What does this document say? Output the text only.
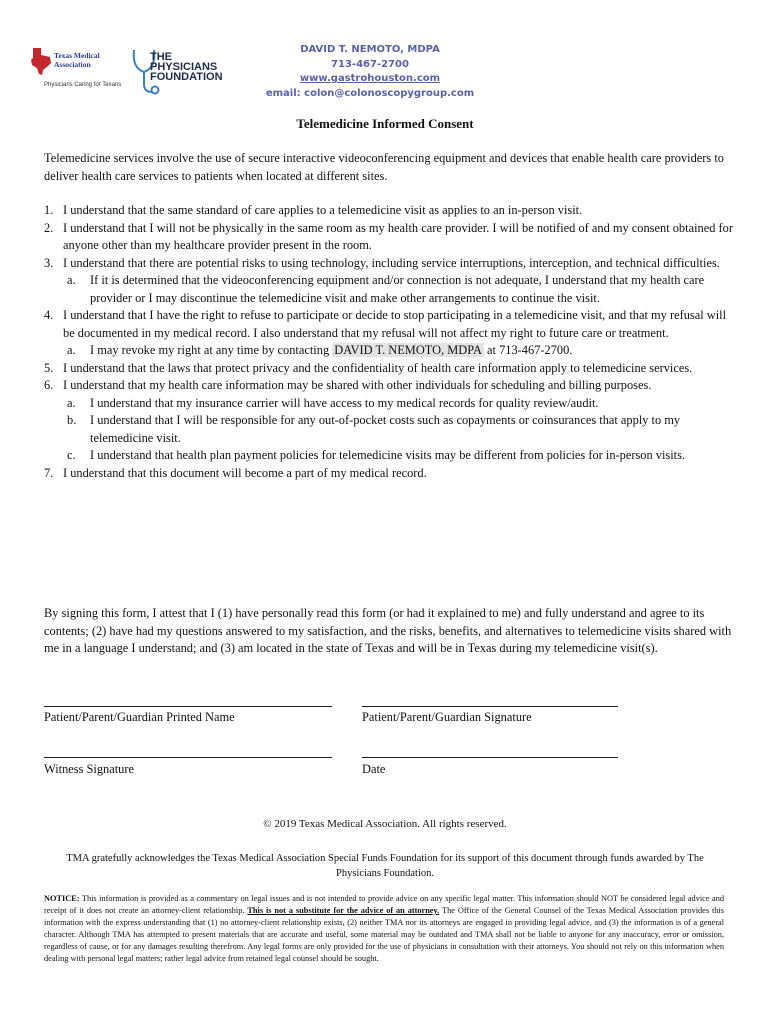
Texas Medical
Association
Physicians Caring for Texans
THE
PHYSICIANS
FOUNDATION
DAVID T. NEMOTO, MDPA
713-467-2700
www.gastrohouston.com
email: colon@colonoscopygroup.com
Telemedicine Informed Consent
Telemedicine services involve the use of secure interactive videoconferencing equipment and devices that enable health care providers to deliver health care services to patients when located at different sites.
1. I understand that the same standard of care applies to a telemedicine visit as applies to an in-person visit.
2. I understand that I will not be physically in the same room as my health care provider. I will be notified of and my consent obtained for anyone other than my healthcare provider present in the room.
3. I understand that there are potential risks to using technology, including service interruptions, interception, and technical difficulties.
a. If it is determined that the videoconferencing equipment and/or connection is not adequate, I understand that my health care provider or I may discontinue the telemedicine visit and make other arrangements to continue the visit.
4. I understand that I have the right to refuse to participate or decide to stop participating in a telemedicine visit, and that my refusal will be documented in my medical record. I also understand that my refusal will not affect my right to future care or treatment.
a. I may revoke my right at any time by contacting DAVID T. NEMOTO, MDPA at 713-467-2700.
5. I understand that the laws that protect privacy and the confidentiality of health care information apply to telemedicine services.
6. I understand that my health care information may be shared with other individuals for scheduling and billing purposes.
a. I understand that my insurance carrier will have access to my medical records for quality review/audit.
b. I understand that I will be responsible for any out-of-pocket costs such as copayments or coinsurances that apply to my telemedicine visit.
c. I understand that health plan payment policies for telemedicine visits may be different from policies for in-person visits.
7. I understand that this document will become a part of my medical record.
By signing this form, I attest that I (1) have personally read this form (or had it explained to me) and fully understand and agree to its contents; (2) have had my questions answered to my satisfaction, and the risks, benefits, and alternatives to telemedicine visits shared with me in a language I understand; and (3) am located in the state of Texas and will be in Texas during my telemedicine visit(s).
Patient/Parent/Guardian Printed Name	Patient/Parent/Guardian Signature
Witness Signature	Date
© 2019 Texas Medical Association. All rights reserved.
TMA gratefully acknowledges the Texas Medical Association Special Funds Foundation for its support of this document through funds awarded by The Physicians Foundation.
NOTICE: This information is provided as a commentary on legal issues and is not intended to provide advice on any specific legal matter. This information should NOT be considered legal advice and receipt of it does not create an attorney-client relationship. This is not a substitute for the advice of an attorney. The Office of the General Counsel of the Texas Medical Association provides this information with the express understanding that (1) no attorney-client relationship exists, (2) neither TMA nor its attorneys are engaged in providing legal advice, and (3) the information is of a general character. Although TMA has attempted to present materials that are accurate and useful, some material may be outdated and TMA shall not be liable to anyone for any inaccuracy, error or omission, regardless of cause, or for any damages resulting therefrom. Any legal forms are only provided for the use of physicians in consultation with their attorneys. You should not rely on this information when dealing with personal legal matters; rather legal advice from retained legal counsel should be sought.
